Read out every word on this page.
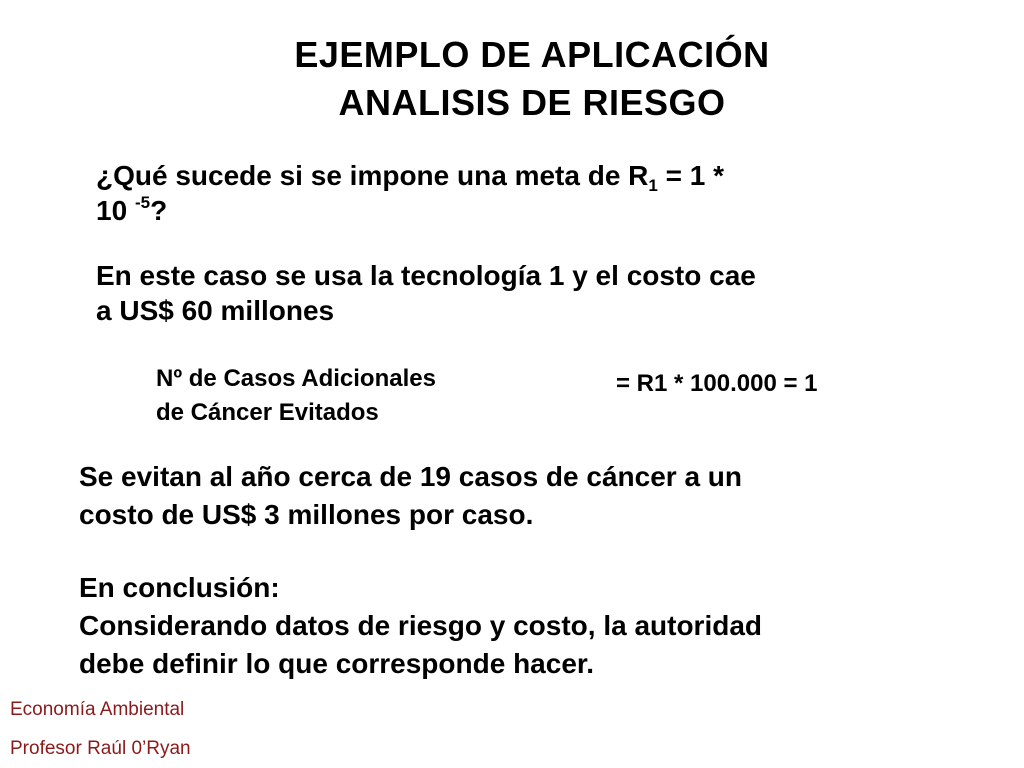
EJEMPLO DE APLICACIÓN
ANALISIS DE RIESGO
¿Qué sucede si se impone una meta de $R_1 = 1$ *
10 $^{-5}$?
En este caso se usa la tecnología 1 y el costo cae
a US$ 60 millones
Nº de Casos Adicionales
de Cáncer Evitados
= R1 * 100.000 = 1
Se evitan al año cerca de 19 casos de cáncer a un
costo de US$ 3 millones por caso.
En conclusión:
Considerando datos de riesgo y costo, la autoridad
debe definir lo que corresponde hacer.
Economía Ambiental
Profesor Raúl 0’Ryan
